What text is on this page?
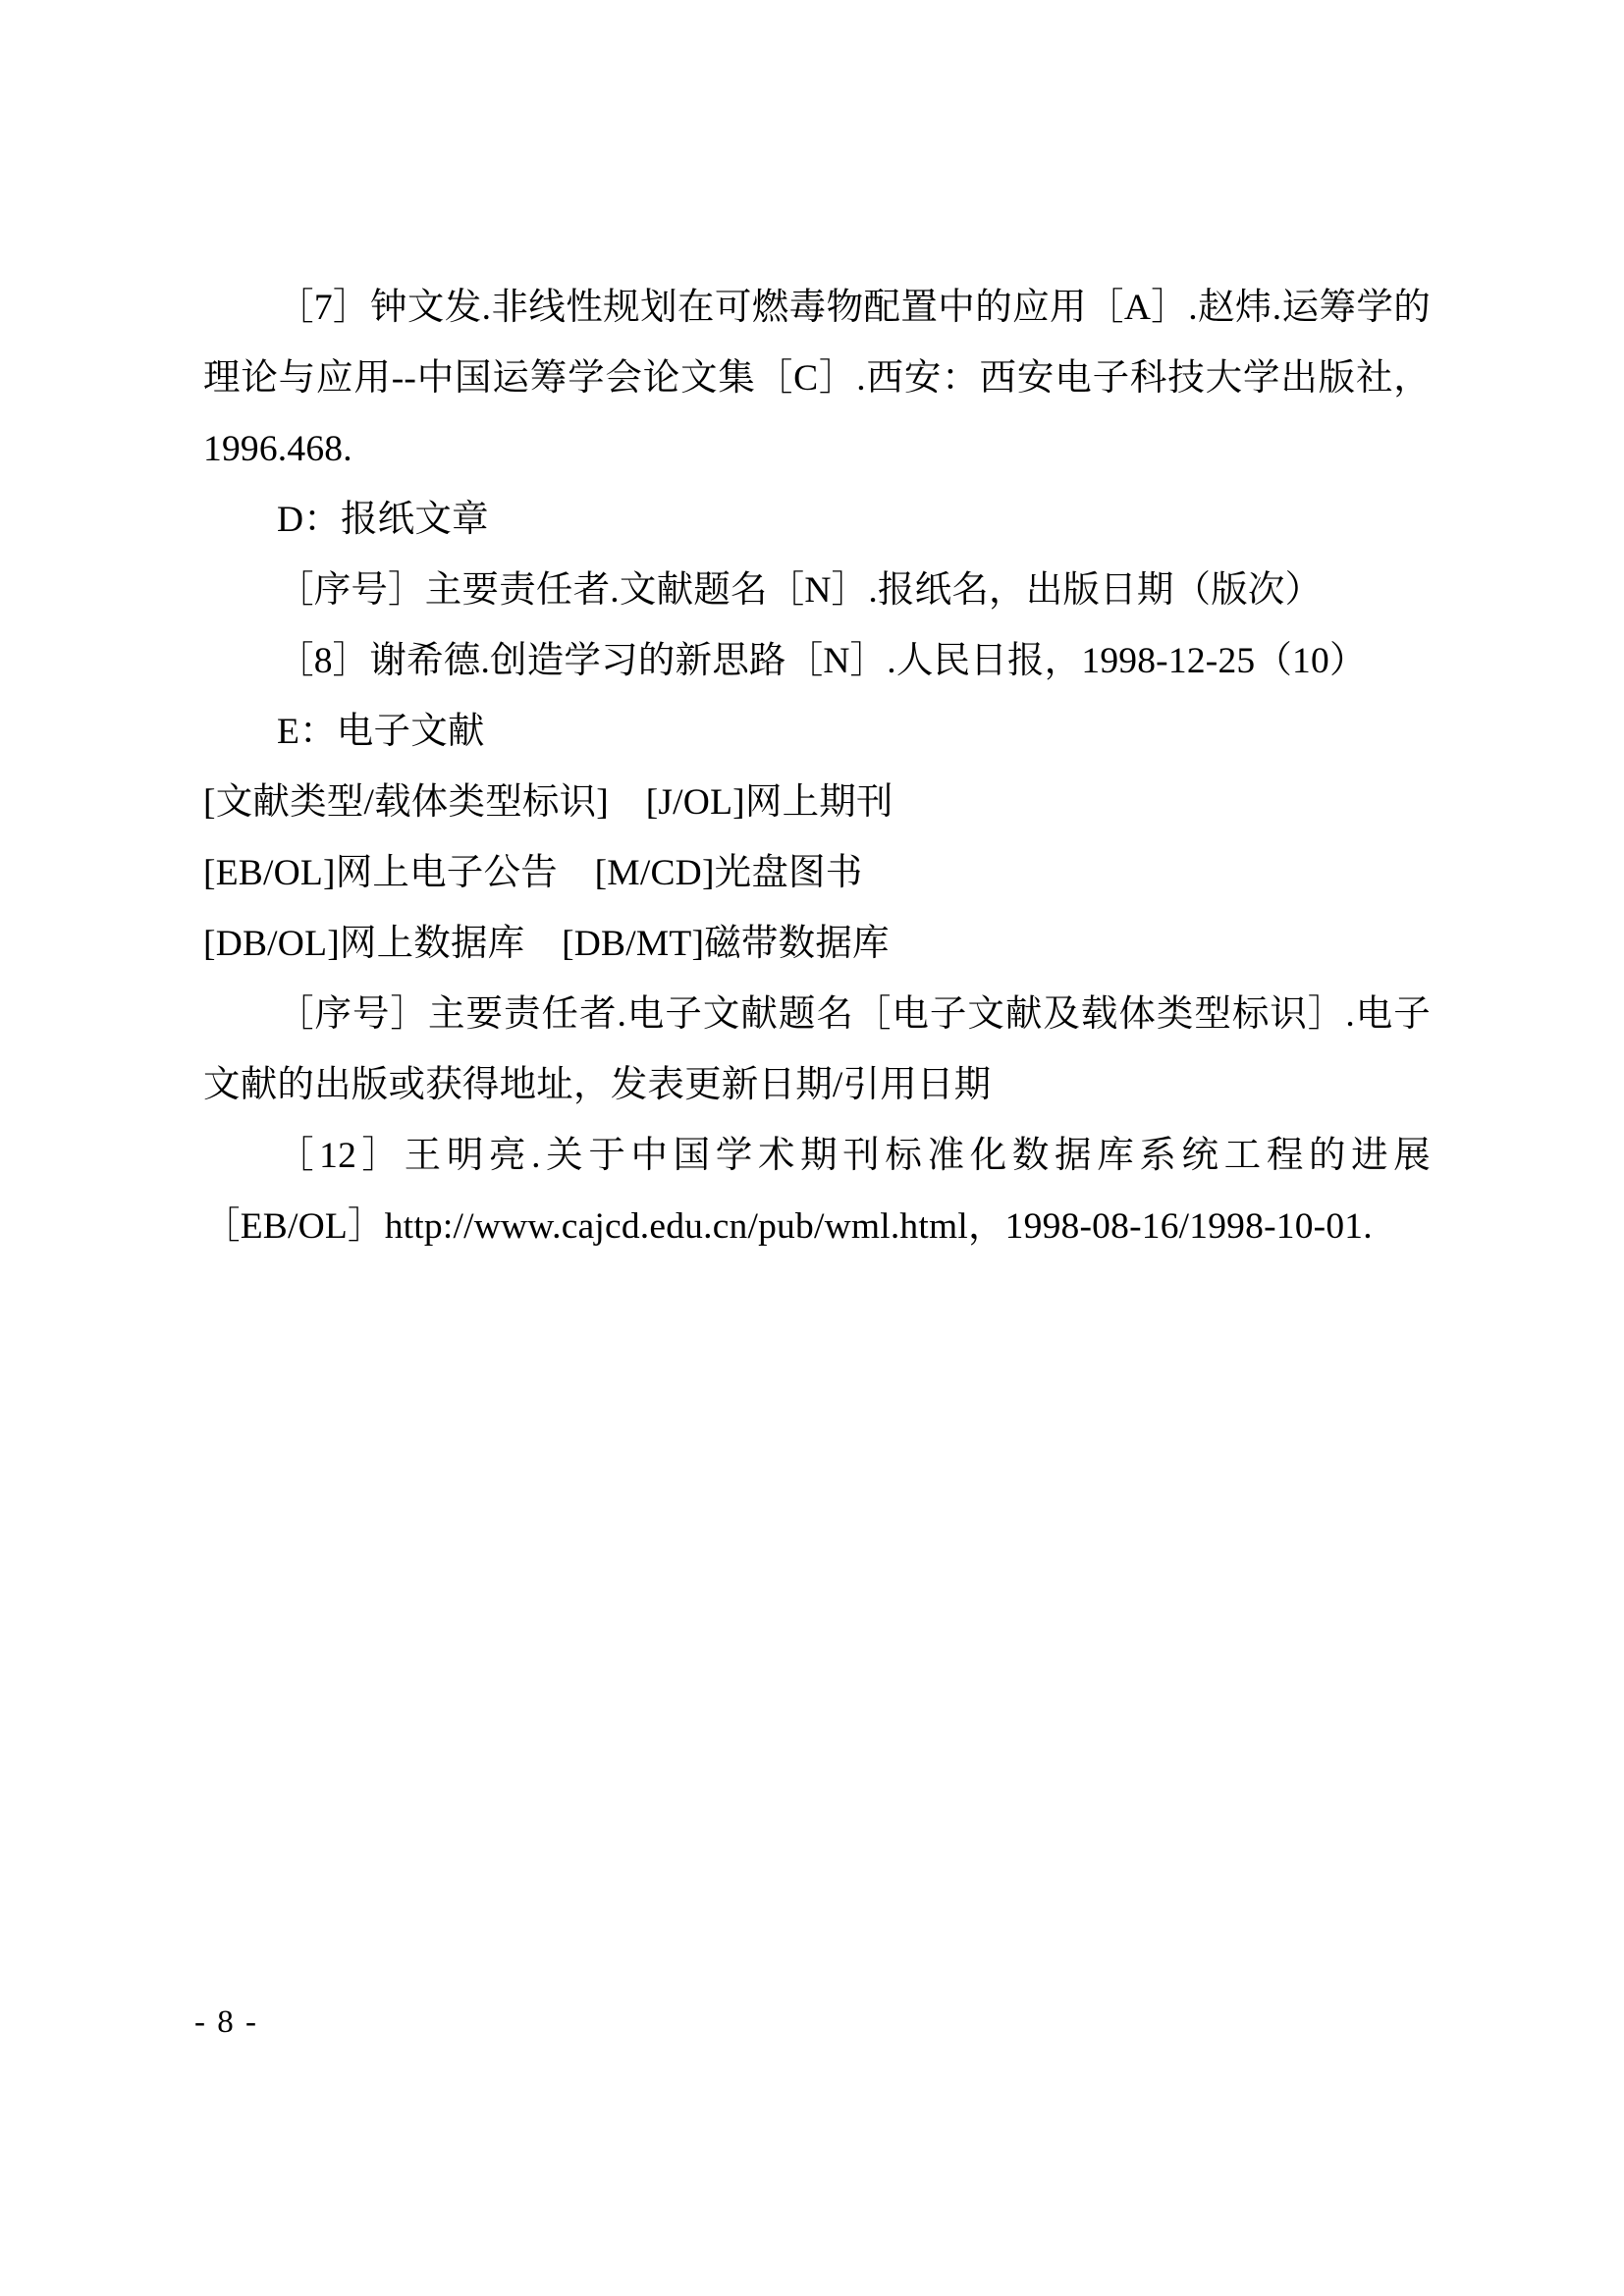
［7］钟文发.非线性规划在可燃毒物配置中的应用［A］.赵炜.运筹学的理论与应用--中国运筹学会论文集［C］.西安：西安电子科技大学出版社，1996.468.

D：报纸文章

［序号］主要责任者.文献题名［N］.报纸名，出版日期（版次）

［8］谢希德.创造学习的新思路［N］.人民日报，1998-12-25（10）

E：电子文献

[文献类型/载体类型标识]　[J/OL]网上期刊

[EB/OL]网上电子公告　[M/CD]光盘图书

[DB/OL]网上数据库　[DB/MT]磁带数据库

［序号］主要责任者.电子文献题名［电子文献及载体类型标识］.电子文献的出版或获得地址，发表更新日期/引用日期

［12］王明亮.关于中国学术期刊标准化数据库系统工程的进展［EB/OL］http://www.cajcd.edu.cn/pub/wml.html，1998-08-16/1998-10-01.

- 8 -
